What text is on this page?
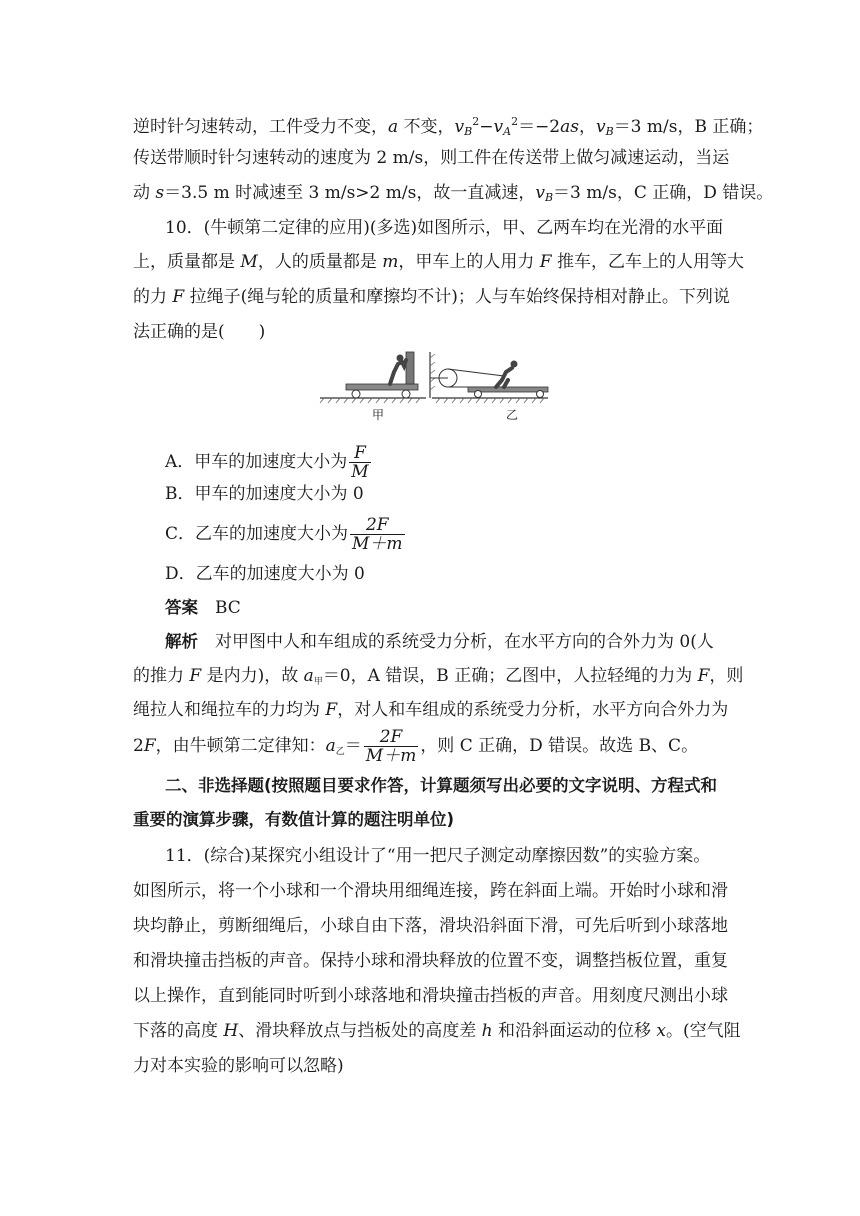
逆时针匀速转动，工件受力不变，a 不变，$v_B^2-v_A^2=-2as$，$v_B=3$ m/s，B 正确；
传送带顺时针匀速转动的速度为 2 m/s，则工件在传送带上做匀减速运动，当运
动 s＝3.5 m 时减速至 3 m/s>2 m/s，故一直减速，$v_B=3$ m/s，C 正确，D 错误。
10．(牛顿第二定律的应用)(多选)如图所示，甲、乙两车均在光滑的水平面
上，质量都是 M，人的质量都是 m，甲车上的人用力 F 推车，乙车上的人用等大
的力 F 拉绳子(绳与轮的质量和摩擦均不计)；人与车始终保持相对静止。下列说
法正确的是(　　)
甲	乙
A．甲车的加速度大小为 $\frac{F}{M}$
B．甲车的加速度大小为 0
C．乙车的加速度大小为 $\frac{2F}{M+m}$
D．乙车的加速度大小为 0
答案　 BC
解析　 对甲图中人和车组成的系统受力分析，在水平方向的合外力为 0(人
的推力 F 是内力)，故 $a_甲=0$，A 错误，B 正确；乙图中，人拉轻绳的力为 F，则
绳拉人和绳拉车的力均为 F，对人和车组成的系统受力分析，水平方向合外力为
2F，由牛顿第二定律知：$a_乙= \frac{2F}{M+m}$ ，则 C 正确，D 错误。故选 B、C。
二、非选择题(按照题目要求作答，计算题须写出必要的文字说明、方程式和
重要的演算步骤，有数值计算的题注明单位)
11．(综合)某探究小组设计了“用一把尺子测定动摩擦因数”的实验方案。
如图所示，将一个小球和一个滑块用细绳连接，跨在斜面上端。开始时小球和滑
块均静止，剪断细绳后，小球自由下落，滑块沿斜面下滑，可先后听到小球落地
和滑块撞击挡板的声音。保持小球和滑块释放的位置不变，调整挡板位置，重复
以上操作，直到能同时听到小球落地和滑块撞击挡板的声音。用刻度尺测出小球
下落的高度 H、滑块释放点与挡板处的高度差 h 和沿斜面运动的位移 x。(空气阻
力对本实验的影响可以忽略)
